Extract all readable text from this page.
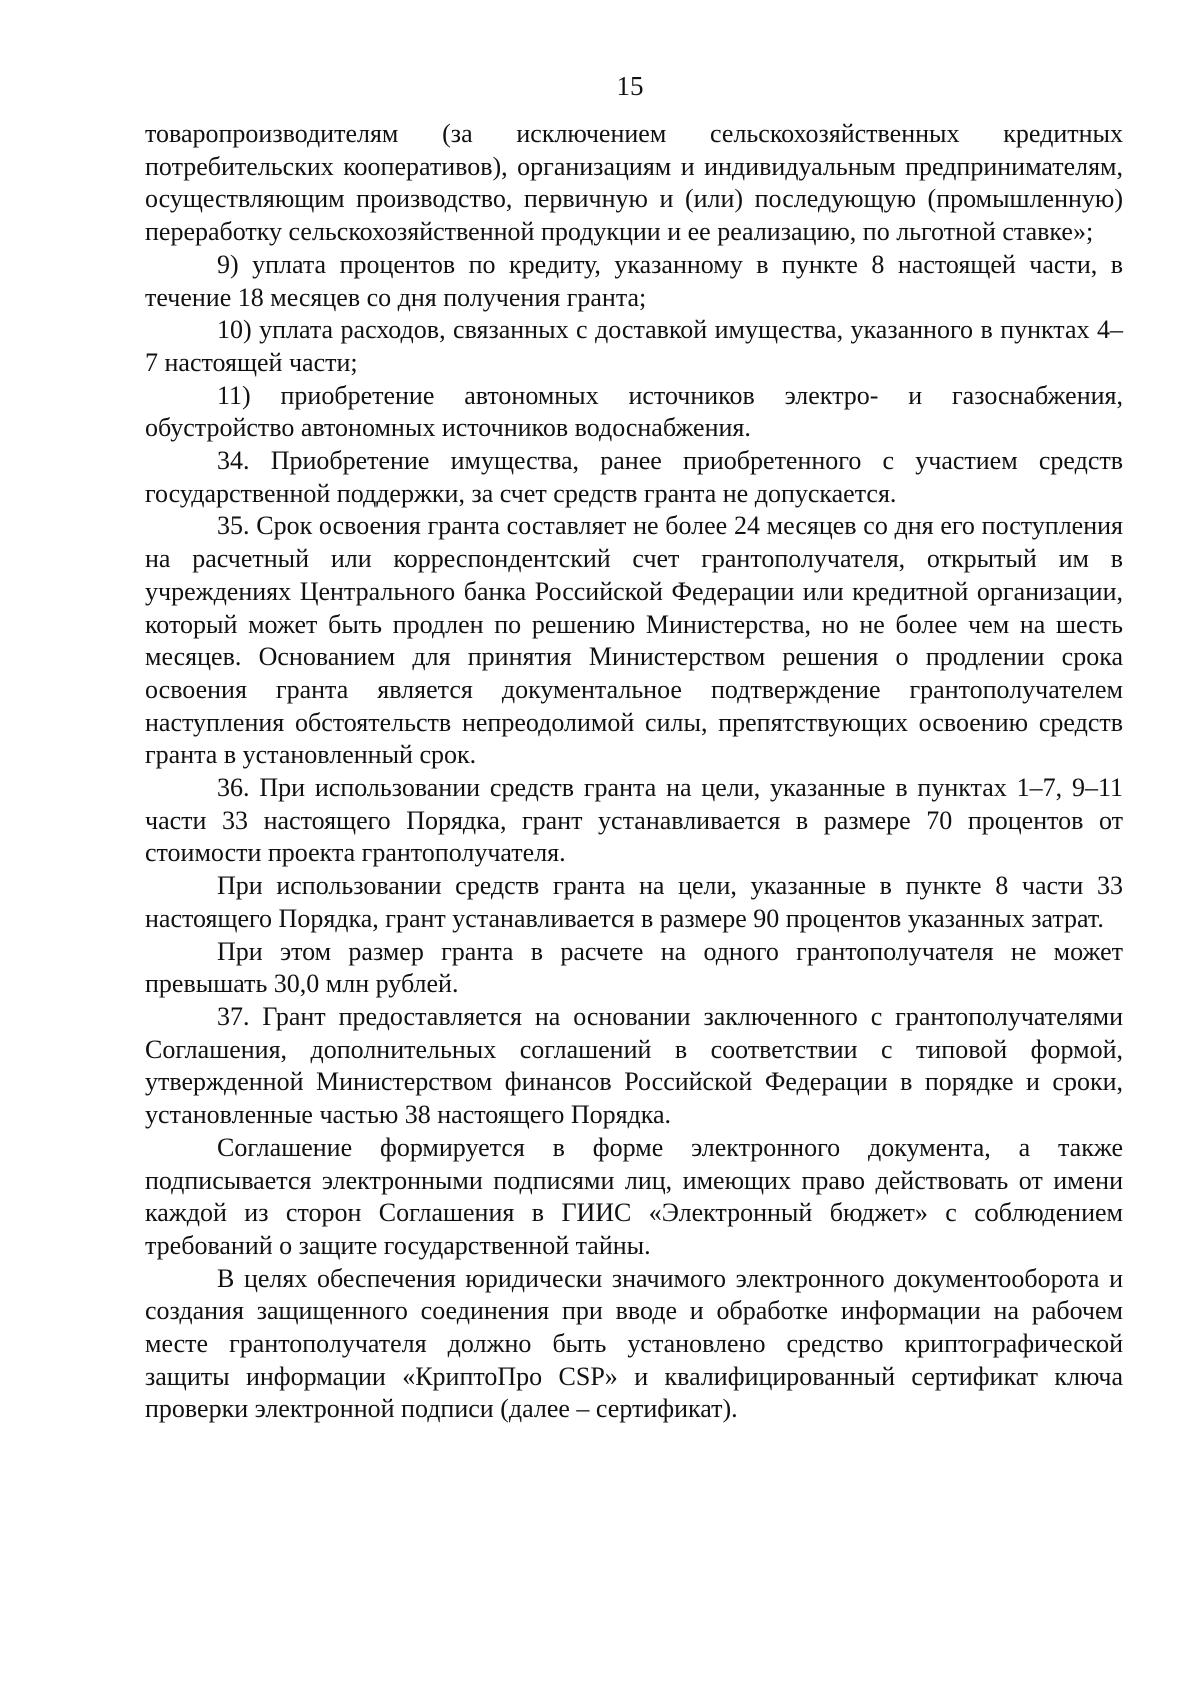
15

товаропроизводителям (за исключением сельскохозяйственных кредитных потребительских кооперативов), организациям и индивидуальным предпринимателям, осуществляющим производство, первичную и (или) последующую (промышленную) переработку сельскохозяйственной продукции и ее реализацию, по льготной ставке»;

9) уплата процентов по кредиту, указанному в пункте 8 настоящей части, в течение 18 месяцев со дня получения гранта;

10) уплата расходов, связанных с доставкой имущества, указанного в пунктах 4–7 настоящей части;

11) приобретение автономных источников электро- и газоснабжения, обустройство автономных источников водоснабжения.

34. Приобретение имущества, ранее приобретенного с участием средств государственной поддержки, за счет средств гранта не допускается.

35. Срок освоения гранта составляет не более 24 месяцев со дня его поступления на расчетный или корреспондентский счет грантополучателя, открытый им в учреждениях Центрального банка Российской Федерации или кредитной организации, который может быть продлен по решению Министерства, но не более чем на шесть месяцев. Основанием для принятия Министерством решения о продлении срока освоения гранта является документальное подтверждение грантополучателем наступления обстоятельств непреодолимой силы, препятствующих освоению средств гранта в установленный срок.

36. При использовании средств гранта на цели, указанные в пунктах 1–7, 9–11 части 33 настоящего Порядка, грант устанавливается в размере 70 процентов от стоимости проекта грантополучателя.

При использовании средств гранта на цели, указанные в пункте 8 части 33 настоящего Порядка, грант устанавливается в размере 90 процентов указанных затрат.

При этом размер гранта в расчете на одного грантополучателя не может превышать 30,0 млн рублей.

37. Грант предоставляется на основании заключенного с грантополучателями Соглашения, дополнительных соглашений в соответствии с типовой формой, утвержденной Министерством финансов Российской Федерации в порядке и сроки, установленные частью 38 настоящего Порядка.

Соглашение формируется в форме электронного документа, а также подписывается электронными подписями лиц, имеющих право действовать от имени каждой из сторон Соглашения в ГИИС «Электронный бюджет» с соблюдением требований о защите государственной тайны.

В целях обеспечения юридически значимого электронного документооборота и создания защищенного соединения при вводе и обработке информации на рабочем месте грантополучателя должно быть установлено средство криптографической защиты информации «КриптоПро CSP» и квалифицированный сертификат ключа проверки электронной подписи (далее – сертификат).
